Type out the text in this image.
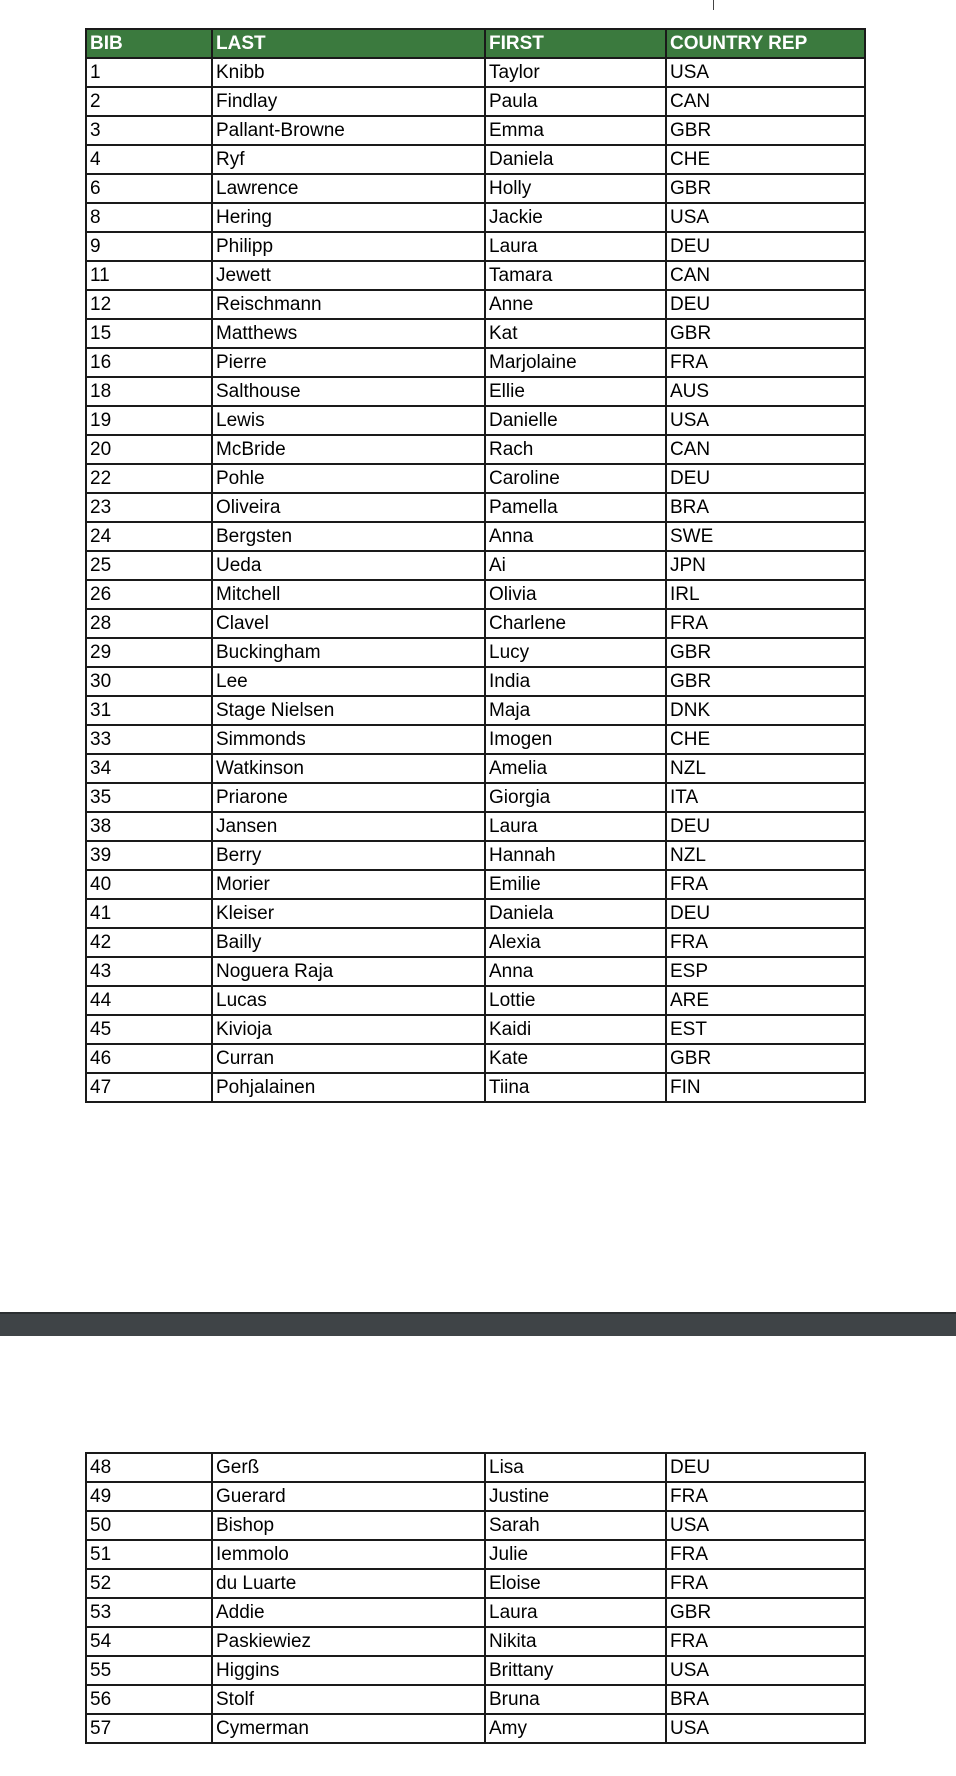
BIB	LAST	FIRST	COUNTRY REP
1	Knibb	Taylor	USA
2	Findlay	Paula	CAN
3	Pallant-Browne	Emma	GBR
4	Ryf	Daniela	CHE
6	Lawrence	Holly	GBR
8	Hering	Jackie	USA
9	Philipp	Laura	DEU
11	Jewett	Tamara	CAN
12	Reischmann	Anne	DEU
15	Matthews	Kat	GBR
16	Pierre	Marjolaine	FRA
18	Salthouse	Ellie	AUS
19	Lewis	Danielle	USA
20	McBride	Rach	CAN
22	Pohle	Caroline	DEU
23	Oliveira	Pamella	BRA
24	Bergsten	Anna	SWE
25	Ueda	Ai	JPN
26	Mitchell	Olivia	IRL
28	Clavel	Charlene	FRA
29	Buckingham	Lucy	GBR
30	Lee	India	GBR
31	Stage Nielsen	Maja	DNK
33	Simmonds	Imogen	CHE
34	Watkinson	Amelia	NZL
35	Priarone	Giorgia	ITA
38	Jansen	Laura	DEU
39	Berry	Hannah	NZL
40	Morier	Emilie	FRA
41	Kleiser	Daniela	DEU
42	Bailly	Alexia	FRA
43	Noguera Raja	Anna	ESP
44	Lucas	Lottie	ARE
45	Kivioja	Kaidi	EST
46	Curran	Kate	GBR
47	Pohjalainen	Tiina	FIN
48	Gerß	Lisa	DEU
49	Guerard	Justine	FRA
50	Bishop	Sarah	USA
51	Iemmolo	Julie	FRA
52	du Luarte	Eloise	FRA
53	Addie	Laura	GBR
54	Paskiewiez	Nikita	FRA
55	Higgins	Brittany	USA
56	Stolf	Bruna	BRA
57	Cymerman	Amy	USA
